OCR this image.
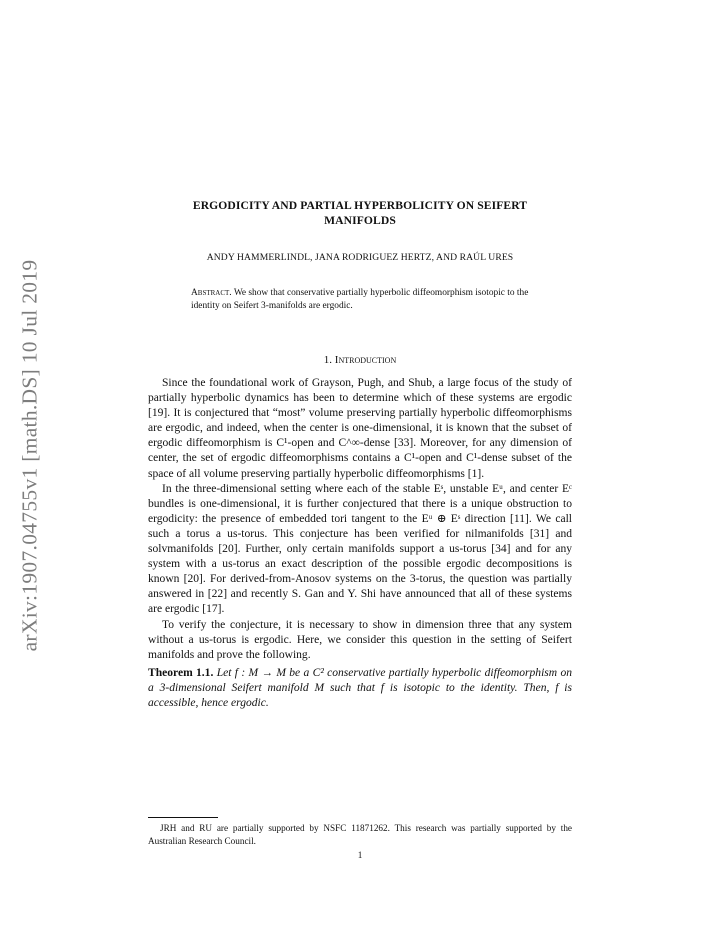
arXiv:1907.04755v1 [math.DS] 10 Jul 2019
ERGODICITY AND PARTIAL HYPERBOLICITY ON SEIFERT
MANIFOLDS
ANDY HAMMERLINDL, JANA RODRIGUEZ HERTZ, AND RAÚL URES
Abstract. We show that conservative partially hyperbolic diffeomorphism isotopic to the identity on Seifert 3-manifolds are ergodic.
1. Introduction

Since the foundational work of Grayson, Pugh, and Shub, a large focus of the study of partially hyperbolic dynamics has been to determine which of these systems are ergodic [19]. It is conjectured that “most” volume preserving partially hyperbolic diffeomorphisms are ergodic, and indeed, when the center is one-dimensional, it is known that the subset of ergodic diffeomorphism is C¹-open and C^∞-dense [33]. Moreover, for any dimension of center, the set of ergodic diffeomorphisms contains a C¹-open and C¹-dense subset of the space of all volume preserving partially hyperbolic diffeomorphisms [1].

In the three-dimensional setting where each of the stable Eˢ, unstable Eᵘ, and center Eᶜ bundles is one-dimensional, it is further conjectured that there is a unique obstruction to ergodicity: the presence of embedded tori tangent to the Eᵘ ⊕ Eˢ direction [11]. We call such a torus a us-torus. This conjecture has been verified for nilmanifolds [31] and solvmanifolds [20]. Further, only certain manifolds support a us-torus [34] and for any system with a us-torus an exact description of the possible ergodic decompositions is known [20]. For derived-from-Anosov systems on the 3-torus, the question was partially answered in [22] and recently S. Gan and Y. Shi have announced that all of these systems are ergodic [17].

To verify the conjecture, it is necessary to show in dimension three that any system without a us-torus is ergodic. Here, we consider this question in the setting of Seifert manifolds and prove the following.

Theorem 1.1. Let f : M → M be a C² conservative partially hyperbolic diffeomorphism on a 3-dimensional Seifert manifold M such that f is isotopic to the identity. Then, f is accessible, hence ergodic.

JRH and RU are partially supported by NSFC 11871262. This research was partially supported by the Australian Research Council.

1
